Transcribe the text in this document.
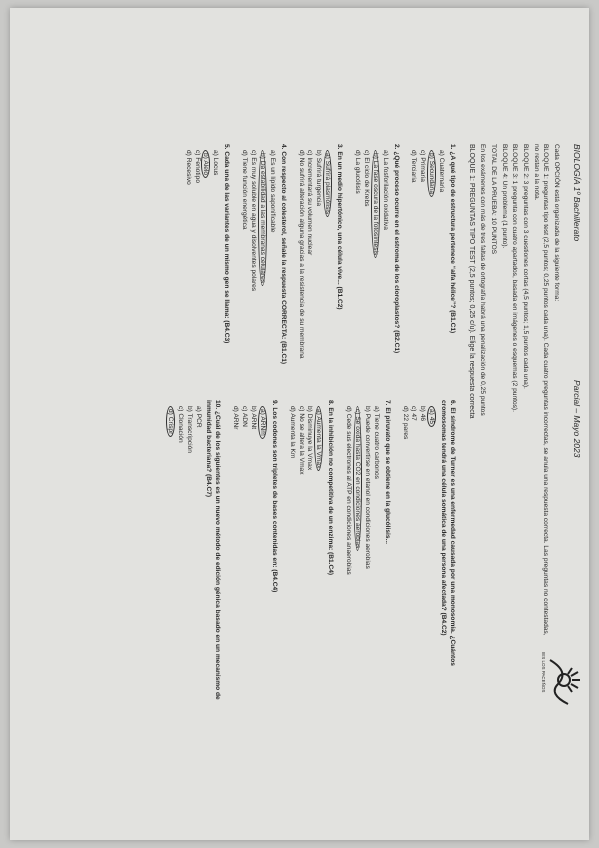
BIOLOGÍA 1º Bachillerato
Parcial – Mayo 2023
IES LOS PACEÑOS

Cada OPCIÓN está organizada de la siguiente forma:

BLOQUE 1: preguntas tipo test (2,5 puntos; 0,25 puntos cada una). Cada cuatro preguntas incorrectas, se anula una respuesta correcta. Las preguntas no contestadas, no restan a la nota.

BLOQUE 2: 3 preguntas con 3 cuestiones cortas (4,5 puntos; 1,5 puntos cada una).

BLOQUE 3: 1 pregunta con cuatro apartados, basada en imágenes o esquemas (2 puntos).

BLOQUE 4: Un problema (1 punto).

TOTAL DE LA PRUEBA: 10 PUNTOS

En los exámenes con más de tres faltas de ortografía habrá una penalización de 0,25 puntos

BLOQUE 1: PREGUNTAS TIPO TEST (2,5 puntos; 0,25 c/u). Elige la respuesta correcta
1. ¿A qué tipo de estructura pertenece “alfa hélice”? (B1.C1)
a) Cuaternaria
b) Secundaria
c) Primaria
d) Terciaria
2. ¿Qué proceso ocurre en el estroma de los cloroplastos? (B2.C1)
a) La fosforilación oxidativa
b) La fase oscura de la fotosíntesis
c) El ciclo de Krebs
d) La glucólisis
3. En un medio hipertónico, una célula vive... (B1.C2)
a) Sufrirá plasmólisis
b) Sufrirá turgencia
c) Incrementará su volumen nuclear
d) No sufrirá alteración alguna gracias a la resistencia de su membrana
4. Con respecto al colesterol, señale la respuesta CORRECTA: (B1.C1)
a) Es un lípido saponificable
b) Da estabilidad a las membranas celulares
c) Es muy soluble en agua y disolventes polares
d) Tiene función energética
5. Cada una de las variantes de un mismo gen se llama: (B4.C3)
a) Locus
b) Alelo
c) Fenotipo
d) Recesivo
6. El síndrome de Turner es una enfermedad causada por una monosomía. ¿Cuántos cromosomas tendrá una célula somática de una persona afectada? (B4.C2)
a) 45
b) 46
c) 47
d) 22 pares
7. El piruvato que se obtiene en la glucólisis...
a) Tiene cuatro carbonos
b) Puede convertirse en etanol en condiciones aerobias
c) Se oxida hasta CO2 en condiciones aerobias
d) Cede sus electrones al ATP en condiciones anaerobias
8. En la inhibición no competitiva de un enzima: (B1.C4)
a) Aumenta la Vmax
b) Disminuye la Vmax
c) No se altera la Vmax
d) Aumenta la Km
9. Los codones son tripletes de bases contenidas en: (B4.C4)
a) ARNm
b) ARNt
c) ADN
d) ARNr
10. ¿Cuál de los siguientes es un nuevo método de edición génica basado en un mecanismo de inmunidad bacteriana? (B4.C7)
a) PCR
b) Transcripción
c) Clonación
d) Crispr
